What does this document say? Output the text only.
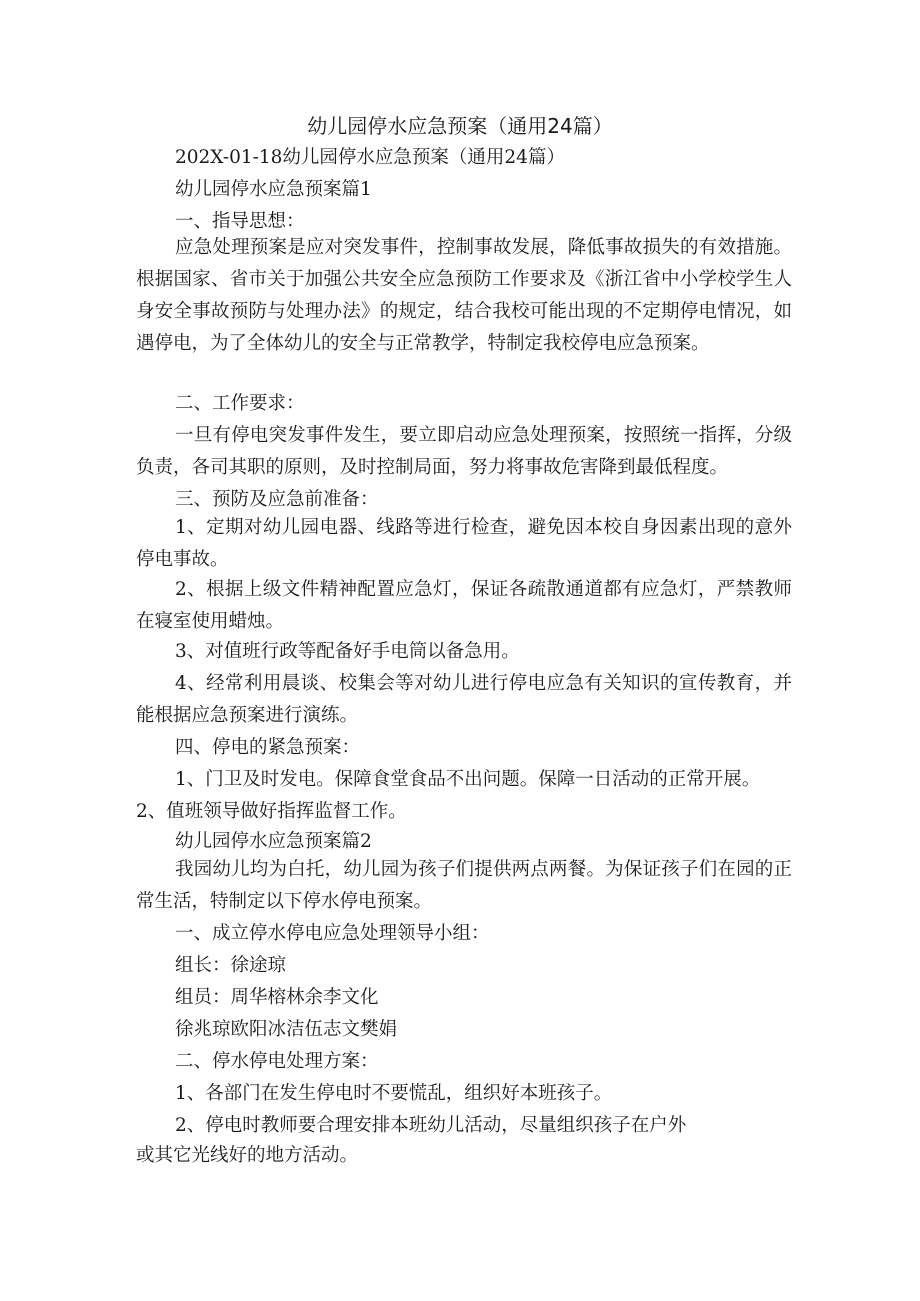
幼儿园停水应急预案（通用24篇）
202X-01-18幼儿园停水应急预案（通用24篇）
幼儿园停水应急预案篇1
一、指导思想：
应急处理预案是应对突发事件，控制事故发展，降低事故损失的有效措施。根据国家、省市关于加强公共安全应急预防工作要求及《浙江省中小学校学生人身安全事故预防与处理办法》的规定，结合我校可能出现的不定期停电情况，如遇停电，为了全体幼儿的安全与正常教学，特制定我校停电应急预案。
二、工作要求：
一旦有停电突发事件发生，要立即启动应急处理预案，按照统一指挥，分级负责，各司其职的原则，及时控制局面，努力将事故危害降到最低程度。
三、预防及应急前准备：
1、定期对幼儿园电器、线路等进行检查，避免因本校自身因素出现的意外停电事故。
2、根据上级文件精神配置应急灯，保证各疏散通道都有应急灯，严禁教师在寝室使用蜡烛。
3、对值班行政等配备好手电筒以备急用。
4、经常利用晨谈、校集会等对幼儿进行停电应急有关知识的宣传教育，并能根据应急预案进行演练。
四、停电的紧急预案：
1、门卫及时发电。保障食堂食品不出问题。保障一日活动的正常开展。
2、值班领导做好指挥监督工作。
幼儿园停水应急预案篇2
我园幼儿均为白托，幼儿园为孩子们提供两点两餐。为保证孩子们在园的正常生活，特制定以下停水停电预案。
一、成立停水停电应急处理领导小组：
组长：徐途琼
组员：周华榕林余李文化
徐兆琼欧阳冰洁伍志文樊娟
二、停水停电处理方案：
1、各部门在发生停电时不要慌乱，组织好本班孩子。
2、停电时教师要合理安排本班幼儿活动，尽量组织孩子在户外
或其它光线好的地方活动。
